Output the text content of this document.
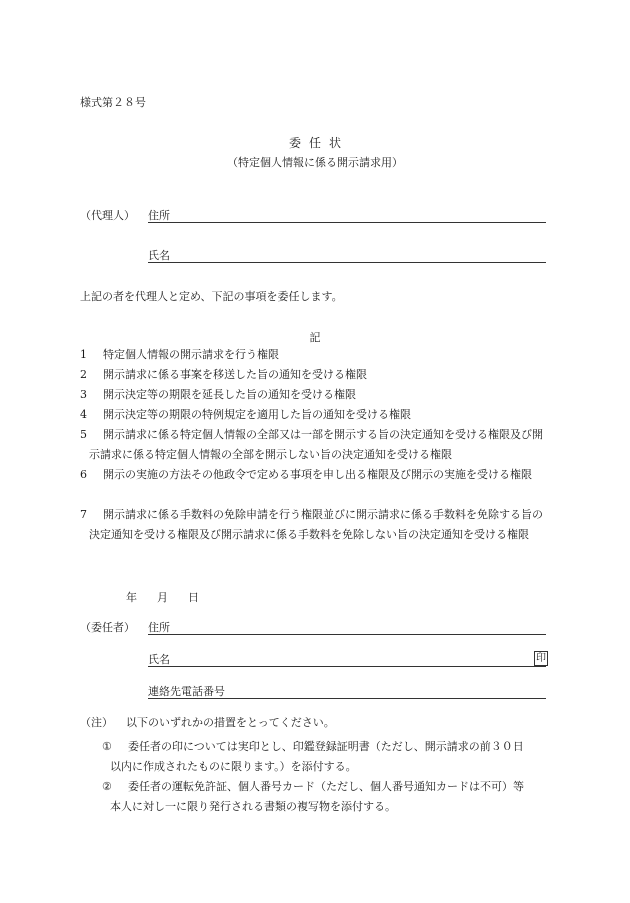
様式第２８号
委 任 状
（特定個人情報に係る開示請求用）
（代理人） 住所
氏名
上記の者を代理人と定め、下記の事項を委任します。
記
1	特定個人情報の開示請求を行う権限
2	開示請求に係る事案を移送した旨の通知を受ける権限
3	開示決定等の期限を延長した旨の通知を受ける権限
4	開示決定等の期限の特例規定を適用した旨の通知を受ける権限
5	開示請求に係る特定個人情報の全部又は一部を開示する旨の決定通知を受ける権限及び開示請求に係る特定個人情報の全部を開示しない旨の決定通知を受ける権限
6	開示の実施の方法その他政令で定める事項を申し出る権限及び開示の実施を受ける権限
7	開示請求に係る手数料の免除申請を行う権限並びに開示請求に係る手数料を免除する旨の決定通知を受ける権限及び開示請求に係る手数料を免除しない旨の決定通知を受ける権限
年 月 日
（委任者） 住所
氏名	印
連絡先電話番号
（注） 以下のいずれかの措置をとってください。
①	委任者の印については実印とし、印鑑登録証明書（ただし、開示請求の前３０日
以内に作成されたものに限ります。）を添付する。
②	委任者の運転免許証、個人番号カード（ただし、個人番号通知カードは不可）等
本人に対し一に限り発行される書類の複写物を添付する。
